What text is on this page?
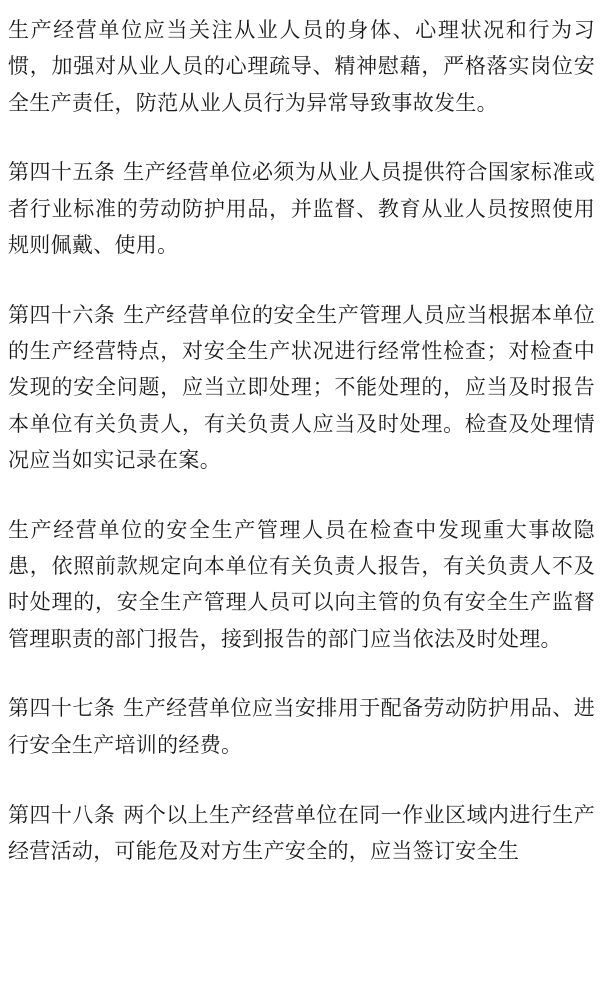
生产经营单位应当关注从业人员的身体、心理状况和行为习惯，加强对从业人员的心理疏导、精神慰藉，严格落实岗位安全生产责任，防范从业人员行为异常导致事故发生。

第四十五条 生产经营单位必须为从业人员提供符合国家标准或者行业标准的劳动防护用品，并监督、教育从业人员按照使用规则佩戴、使用。

第四十六条 生产经营单位的安全生产管理人员应当根据本单位的生产经营特点，对安全生产状况进行经常性检查；对检查中发现的安全问题，应当立即处理；不能处理的，应当及时报告本单位有关负责人，有关负责人应当及时处理。检查及处理情况应当如实记录在案。

生产经营单位的安全生产管理人员在检查中发现重大事故隐患，依照前款规定向本单位有关负责人报告，有关负责人不及时处理的，安全生产管理人员可以向主管的负有安全生产监督管理职责的部门报告，接到报告的部门应当依法及时处理。

第四十七条 生产经营单位应当安排用于配备劳动防护用品、进行安全生产培训的经费。

第四十八条 两个以上生产经营单位在同一作业区域内进行生产经营活动，可能危及对方生产安全的，应当签订安全生
